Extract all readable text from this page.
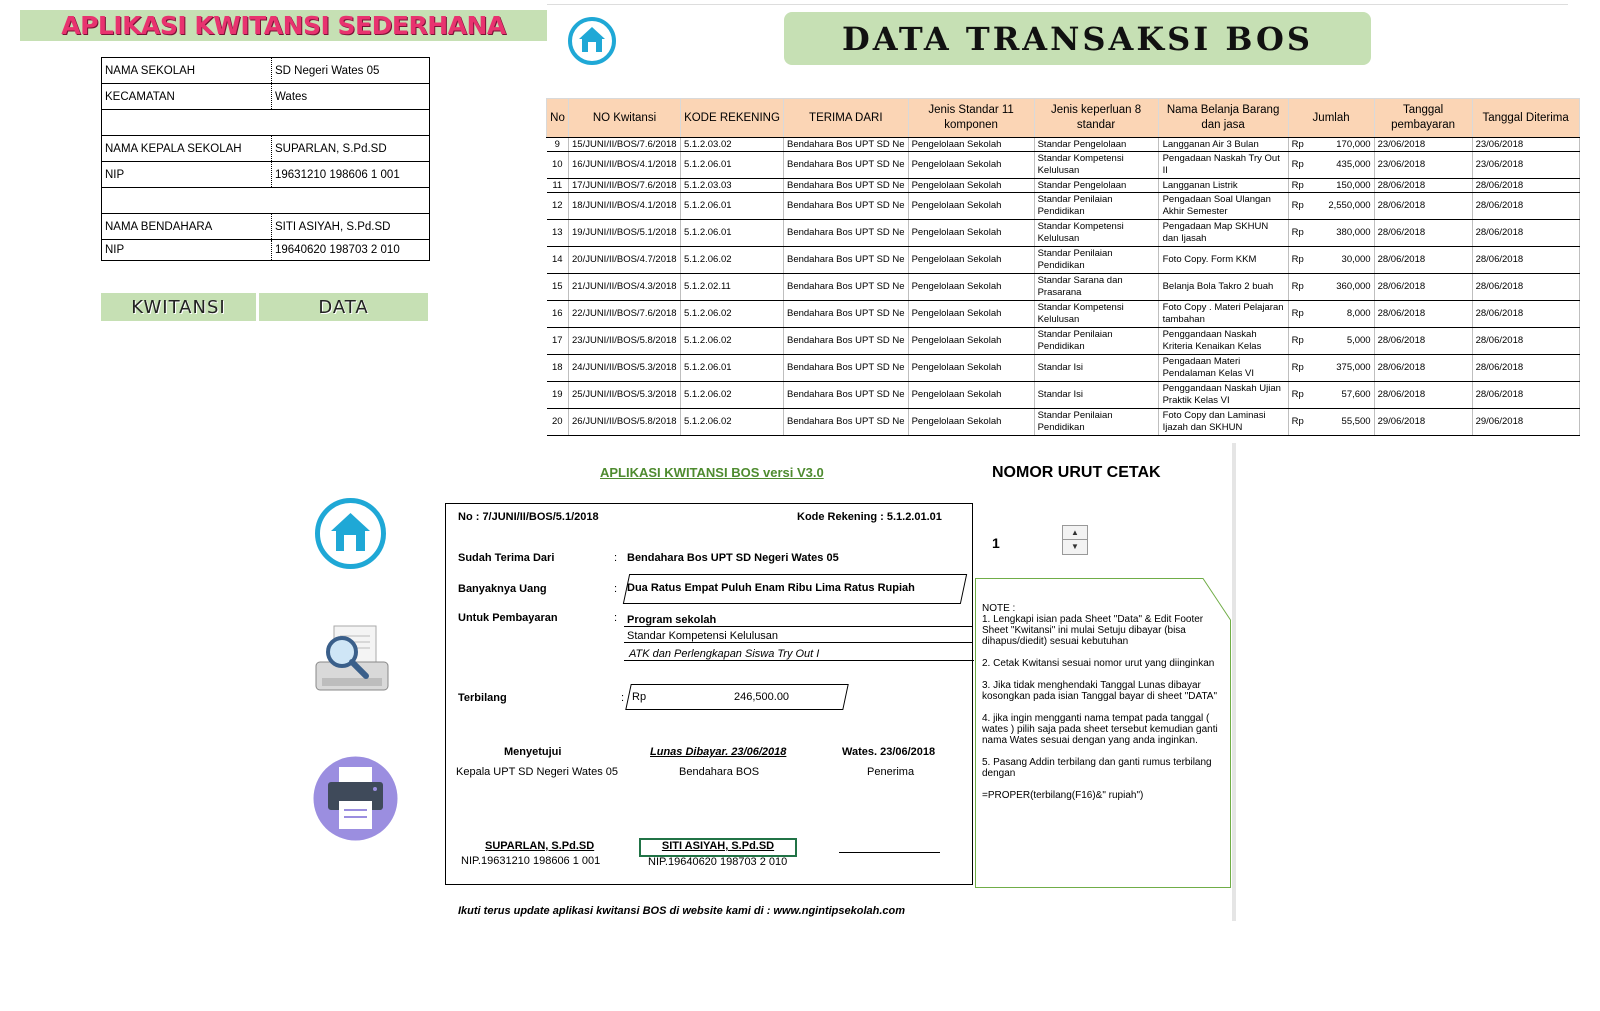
APLIKASI KWITANSI SEDERHANA
NAMA SEKOLAH		SD Negeri Wates 05
KECAMATAN		Wates

NAMA KEPALA SEKOLAH		SUPARLAN, S.Pd.SD
NIP		19631210 198606 1 001

NAMA BENDAHARA		SITI ASIYAH, S.Pd.SD
NIP		19640620 198703 2 010
KWITANSI	DATA
DATA TRANSAKSI BOS
No	NO Kwitansi	KODE REKENING	TERIMA DARI	Jenis Standar 11 komponen	Jenis keperluan 8 standar	Nama Belanja Barang dan jasa	Jumlah	Tanggal pembayaran	Tanggal Diterima
9	15/JUNI/II/BOS/7.6/2018	5.1.2.03.02	Bendahara Bos UPT SD Ne	Pengelolaan Sekolah	Standar Pengelolaan	Langganan Air 3 Bulan	Rp 170,000	23/06/2018	23/06/2018
10	16/JUNI/II/BOS/4.1/2018	5.1.2.06.01	Bendahara Bos UPT SD Ne	Pengelolaan Sekolah	Standar Kompetensi Kelulusan	Pengadaan Naskah Try Out II	Rp 435,000	23/06/2018	23/06/2018
11	17/JUNI/II/BOS/7.6/2018	5.1.2.03.03	Bendahara Bos UPT SD Ne	Pengelolaan Sekolah	Standar Pengelolaan	Langganan Listrik	Rp 150,000	28/06/2018	28/06/2018
12	18/JUNI/II/BOS/4.1/2018	5.1.2.06.01	Bendahara Bos UPT SD Ne	Pengelolaan Sekolah	Standar Penilaian Pendidikan	Pengadaan Soal Ulangan Akhir Semester	Rp 2,550,000	28/06/2018	28/06/2018
13	19/JUNI/II/BOS/5.1/2018	5.1.2.06.01	Bendahara Bos UPT SD Ne	Pengelolaan Sekolah	Standar Kompetensi Kelulusan	Pengadaan Map SKHUN dan Ijasah	Rp 380,000	28/06/2018	28/06/2018
14	20/JUNI/II/BOS/4.7/2018	5.1.2.06.02	Bendahara Bos UPT SD Ne	Pengelolaan Sekolah	Standar Penilaian Pendidikan	Foto Copy. Form KKM	Rp 30,000	28/06/2018	28/06/2018
15	21/JUNI/II/BOS/4.3/2018	5.1.2.02.11	Bendahara Bos UPT SD Ne	Pengelolaan Sekolah	Standar Sarana dan Prasarana	Belanja Bola Takro 2 buah	Rp 360,000	28/06/2018	28/06/2018
16	22/JUNI/II/BOS/7.6/2018	5.1.2.06.02	Bendahara Bos UPT SD Ne	Pengelolaan Sekolah	Standar Kompetensi Kelulusan	Foto Copy . Materi Pelajaran tambahan	Rp 8,000	28/06/2018	28/06/2018
17	23/JUNI/II/BOS/5.8/2018	5.1.2.06.02	Bendahara Bos UPT SD Ne	Pengelolaan Sekolah	Standar Penilaian Pendidikan	Penggandaan Naskah Kriteria Kenaikan Kelas	Rp 5,000	28/06/2018	28/06/2018
18	24/JUNI/II/BOS/5.3/2018	5.1.2.06.01	Bendahara Bos UPT SD Ne	Pengelolaan Sekolah	Standar Isi	Pengadaan Materi Pendalaman Kelas VI	Rp 375,000	28/06/2018	28/06/2018
19	25/JUNI/II/BOS/5.3/2018	5.1.2.06.02	Bendahara Bos UPT SD Ne	Pengelolaan Sekolah	Standar Isi	Penggandaan Naskah Ujian Praktik Kelas VI	Rp 57,600	28/06/2018	28/06/2018
20	26/JUNI/II/BOS/5.8/2018	5.1.2.06.02	Bendahara Bos UPT SD Ne	Pengelolaan Sekolah	Standar Penilaian Pendidikan	Foto Copy dan Laminasi Ijazah dan SKHUN	Rp 55,500	29/06/2018	29/06/2018
APLIKASI KWITANSI BOS versi V3.0
No : 7/JUNI/II/BOS/5.1/2018	Kode Rekening : 5.1.2.01.01
Sudah Terima Dari	: Bendahara Bos UPT SD Negeri Wates 05
Banyaknya Uang	: Dua Ratus Empat Puluh Enam Ribu Lima Ratus Rupiah
Untuk Pembayaran	: Program sekolah
Standar Kompetensi Kelulusan
ATK dan Perlengkapan Siswa Try Out I
Terbilang	: Rp	246,500.00
Menyetujui
Kepala UPT SD Negeri Wates 05
Lunas Dibayar. 23/06/2018
Bendahara BOS
Wates. 23/06/2018
Penerima
SUPARLAN, S.Pd.SD
NIP.19631210 198606 1 001
SITI ASIYAH, S.Pd.SD
NIP.19640620 198703 2 010
NOMOR URUT CETAK
1
▲
▼

NOTE :

1. Lengkapi isian pada Sheet "Data" & Edit Footer Sheet "Kwitansi" ini mulai Setuju dibayar (bisa dihapus/diedit) sesuai kebutuhan

2. Cetak Kwitansi sesuai nomor urut yang diinginkan

3. Jika tidak menghendaki Tanggal Lunas dibayar kosongkan pada isian Tanggal bayar di sheet "DATA"

4. jika ingin mengganti nama tempat pada tanggal ( wates ) pilih saja pada sheet tersebut kemudian ganti nama Wates sesuai dengan yang anda inginkan.

5. Pasang Addin terbilang dan ganti rumus terbilang dengan

=PROPER(terbilang(F16)&" rupiah")

Ikuti terus update aplikasi kwitansi BOS di website kami di : www.ngintipsekolah.com
